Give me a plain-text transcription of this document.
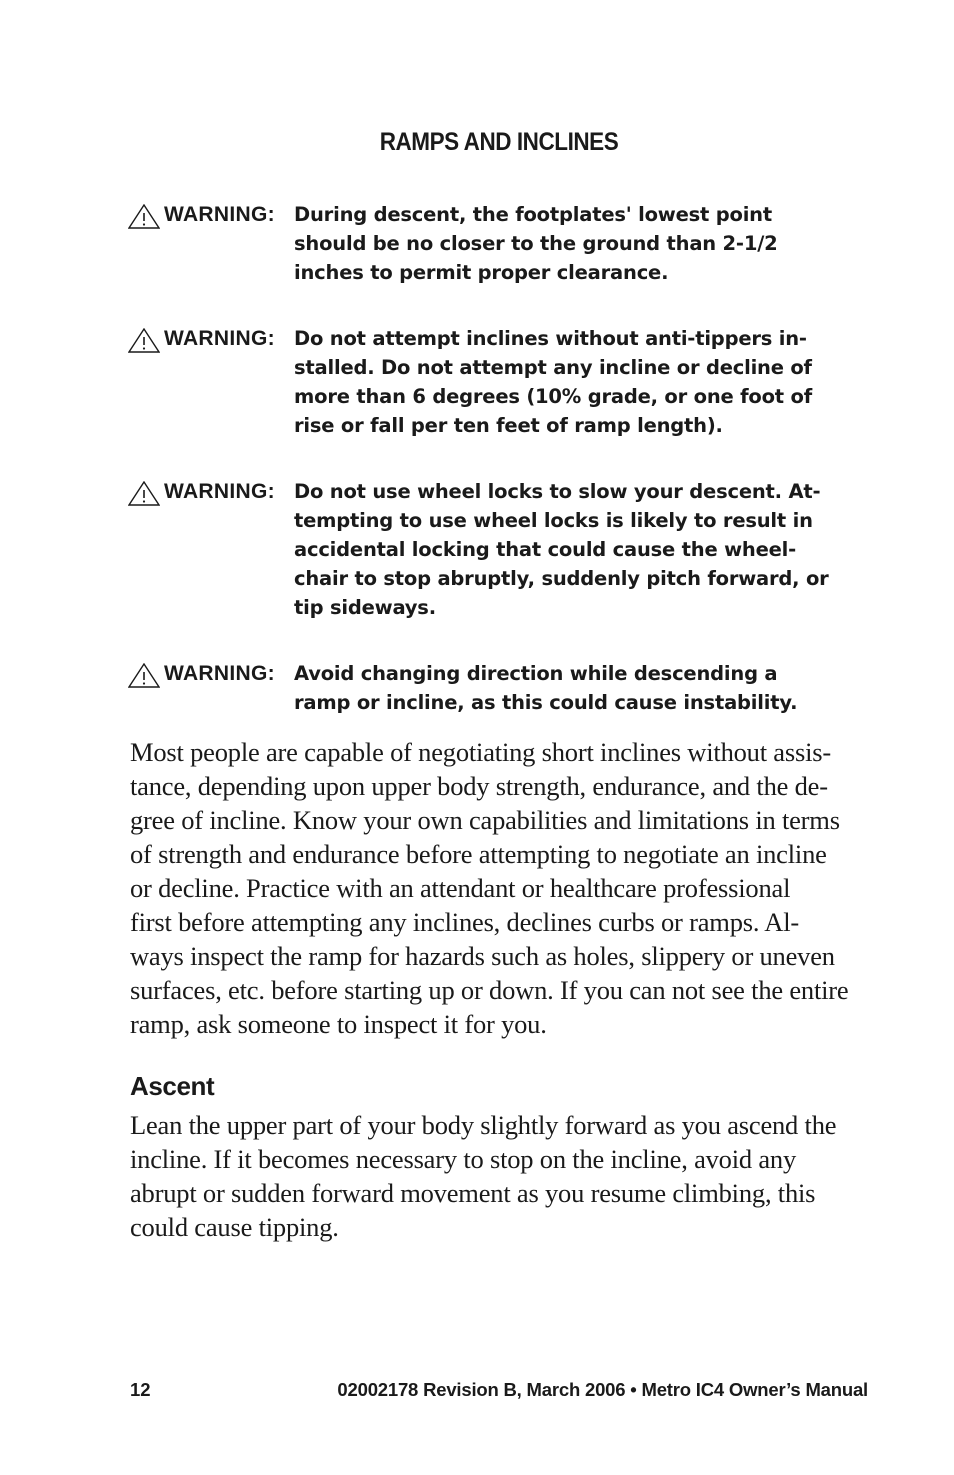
RAMPS AND INCLINES
WARNING: During descent, the footplates' lowest point
should be no closer to the ground than 2-1/2
inches to permit proper clearance.
WARNING: Do not attempt inclines without anti-tippers in-
stalled. Do not attempt any incline or decline of
more than 6 degrees (10% grade, or one foot of
rise or fall per ten feet of ramp length).
WARNING: Do not use wheel locks to slow your descent. At-
tempting to use wheel locks is likely to result in
accidental locking that could cause the wheel-
chair to stop abruptly, suddenly pitch forward, or
tip sideways.
WARNING: Avoid changing direction while descending a
ramp or incline, as this could cause instability.
Most people are capable of negotiating short inclines without assis-
tance, depending upon upper body strength, endurance, and the de-
gree of incline. Know your own capabilities and limitations in terms
of strength and endurance before attempting to negotiate an incline
or decline. Practice with an attendant or healthcare professional
first before attempting any inclines, declines curbs or ramps. Al-
ways inspect the ramp for hazards such as holes, slippery or uneven
surfaces, etc. before starting up or down. If you can not see the entire
ramp, ask someone to inspect it for you.
Ascent
Lean the upper part of your body slightly forward as you ascend the
incline. If it becomes necessary to stop on the incline, avoid any
abrupt or sudden forward movement as you resume climbing, this
could cause tipping.
12	02002178 Revision B, March 2006 • Metro IC4 Owner’s Manual
